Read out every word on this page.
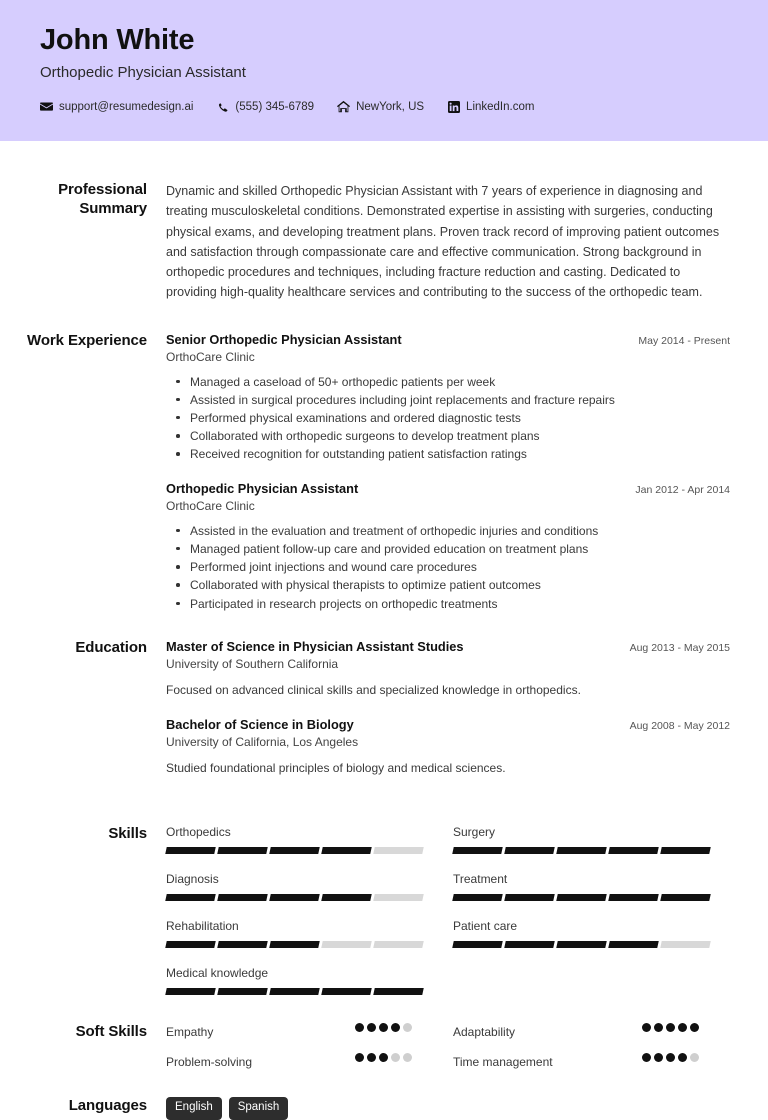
John White
Orthopedic Physician Assistant
support@resumedesign.ai	(555) 345-6789	NewYork, US	LinkedIn.com
Professional Summary
Dynamic and skilled Orthopedic Physician Assistant with 7 years of experience in diagnosing and treating musculoskeletal conditions. Demonstrated expertise in assisting with surgeries, conducting physical exams, and developing treatment plans. Proven track record of improving patient outcomes and satisfaction through compassionate care and effective communication. Strong background in orthopedic procedures and techniques, including fracture reduction and casting. Dedicated to providing high-quality healthcare services and contributing to the success of the orthopedic team.
Work Experience	Senior Orthopedic Physician Assistant	May 2014 - Present
OrthoCare Clinic
Managed a caseload of 50+ orthopedic patients per week
Assisted in surgical procedures including joint replacements and fracture repairs
Performed physical examinations and ordered diagnostic tests
Collaborated with orthopedic surgeons to develop treatment plans
Received recognition for outstanding patient satisfaction ratings
Orthopedic Physician Assistant	Jan 2012 - Apr 2014
OrthoCare Clinic
Assisted in the evaluation and treatment of orthopedic injuries and conditions
Managed patient follow-up care and provided education on treatment plans
Performed joint injections and wound care procedures
Collaborated with physical therapists to optimize patient outcomes
Participated in research projects on orthopedic treatments
Education	Master of Science in Physician Assistant Studies	Aug 2013 - May 2015
University of Southern California
Focused on advanced clinical skills and specialized knowledge in orthopedics.
Bachelor of Science in Biology	Aug 2008 - May 2012
University of California, Los Angeles
Studied foundational principles of biology and medical sciences.
Skills	Orthopedics	Surgery
Diagnosis	Treatment
Rehabilitation	Patient care
Medical knowledge
Soft Skills	Empathy	Adaptability
Problem-solving	Time management
Languages	English	Spanish
